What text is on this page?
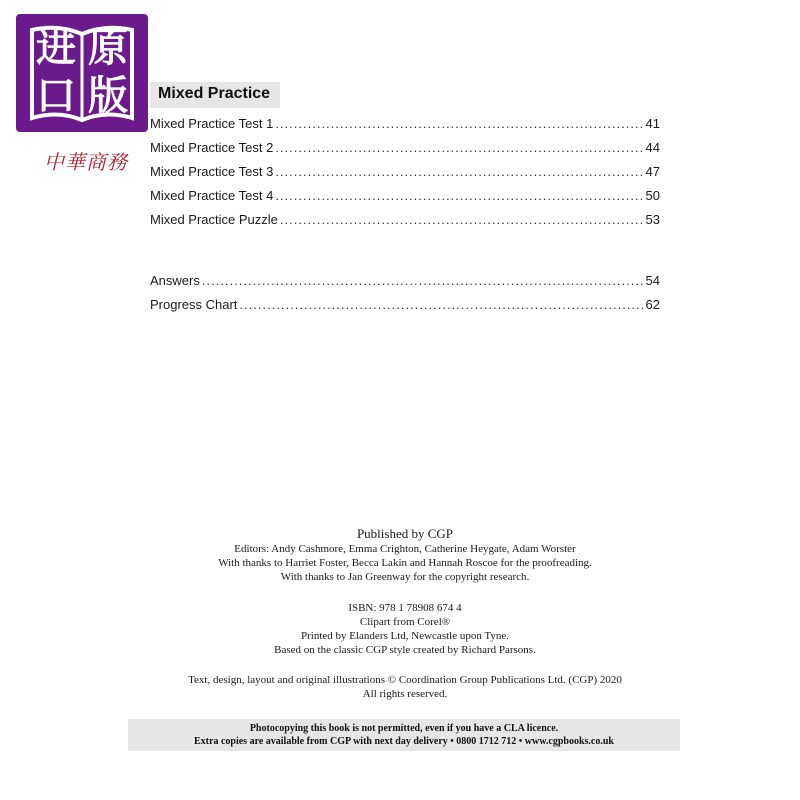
进 原
口 版
中華商務
Mixed Practice
Mixed Practice Test 1 .....	41
Mixed Practice Test 2 .....	44
Mixed Practice Test 3 .....	47
Mixed Practice Test 4 .....	50
Mixed Practice Puzzle .....	53
Answers .....	54
Progress Chart .....	62
Published by CGP
Editors: Andy Cashmore, Emma Crighton, Catherine Heygate, Adam Worster
With thanks to Harriet Foster, Becca Lakin and Hannah Roscoe for the proofreading.
With thanks to Jan Greenway for the copyright research.
ISBN: 978 1 78908 674 4
Clipart from Corel®
Printed by Elanders Ltd, Newcastle upon Tyne.
Based on the classic CGP style created by Richard Parsons.
Text, design, layout and original illustrations © Coordination Group Publications Ltd. (CGP) 2020
All rights reserved.
Photocopying this book is not permitted, even if you have a CLA licence.
Extra copies are available from CGP with next day delivery • 0800 1712 712 • www.cgpbooks.co.uk
